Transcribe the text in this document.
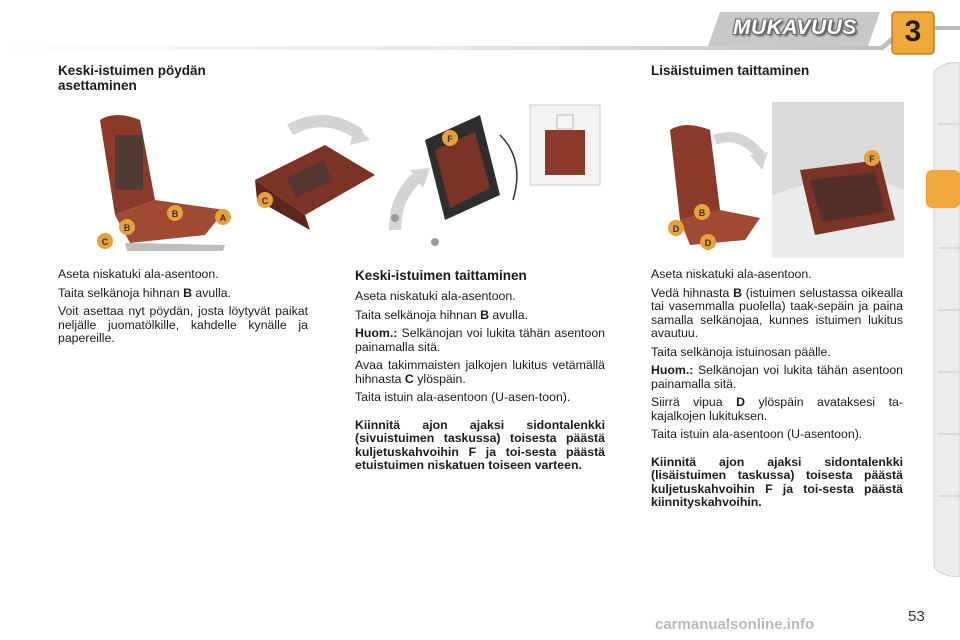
MUKAVUUS	3
Keski-istuimen pöydän
asettaminen
Lisäistuimen taittaminen
B
B	A
C
C
F
B
D
D
F

Aseta niskatuki ala-asentoon.

Taita selkänoja hihnan B avulla.

Voit asettaa nyt pöydän, josta löytyvät paikat neljälle juomatölkille, kahdelle kynälle ja papereille.

Keski-istuimen taittaminen

Aseta niskatuki ala-asentoon.

Taita selkänoja hihnan B avulla.

Huom.: Selkänojan voi lukita tähän asentoon painamalla sitä.

Avaa takimmaisten jalkojen lukitus vetämällä hihnasta C ylöspäin.

Taita istuin ala-asentoon (U-asen-toon).

Kiinnitä ajon ajaksi sidontalenkki (sivuistuimen taskussa) toisesta päästä kuljetuskahvoihin F ja toi-sesta päästä etuistuimen niskatuen toiseen varteen.

Aseta niskatuki ala-asentoon.

Vedä hihnasta B (istuimen selustassa oikealla tai vasemmalla puolella) taak-sepäin ja paina samalla selkänojaa, kunnes istuimen lukitus avautuu.

Taita selkänoja istuinosan päälle.

Huom.: Selkänojan voi lukita tähän asentoon painamalla sitä.

Siirrä vipua D ylöspäin avataksesi ta-kajalkojen lukituksen.

Taita istuin ala-asentoon (U-asentoon).

Kiinnitä ajon ajaksi sidontalenkki (lisäistuimen taskussa) toisesta päästä kuljetuskahvoihin F ja toi-sesta päästä kiinnityskahvoihin.

carmanualsonline.info	53
